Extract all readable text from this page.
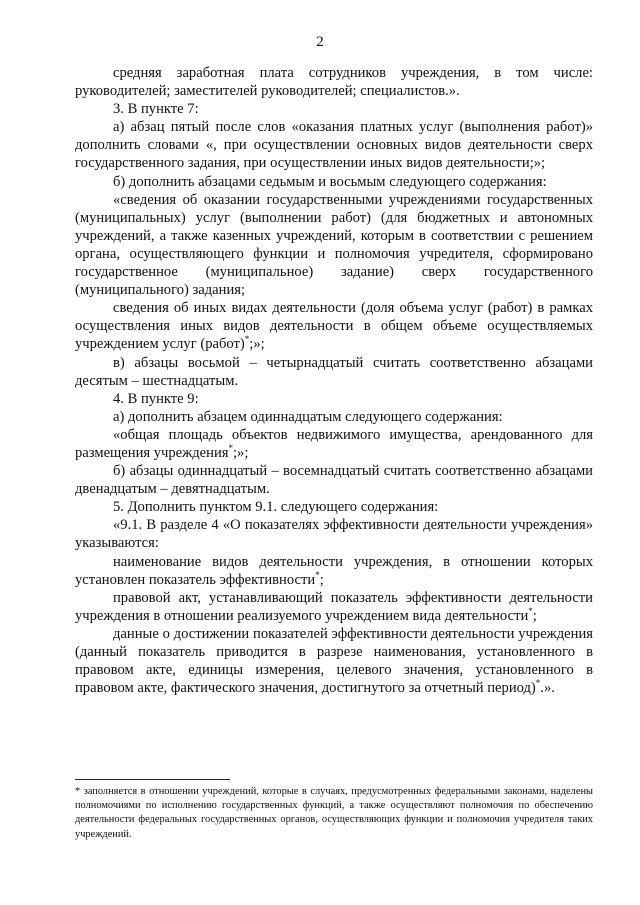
2

средняя заработная плата сотрудников учреждения, в том числе: руководителей; заместителей руководителей; специалистов.».

3. В пункте 7:

а) абзац пятый после слов «оказания платных услуг (выполнения работ)» дополнить словами «, при осуществлении основных видов деятельности сверх государственного задания, при осуществлении иных видов деятельности;»;

б) дополнить абзацами седьмым и восьмым следующего содержания:

«сведения об оказании государственными учреждениями государственных (муниципальных) услуг (выполнении работ) (для бюджетных и автономных учреждений, а также казенных учреждений, которым в соответствии с решением органа, осуществляющего функции и полномочия учредителя, сформировано государственное (муниципальное) задание) сверх государственного (муниципального) задания;

сведения об иных видах деятельности (доля объема услуг (работ) в рамках осуществления иных видов деятельности в общем объеме осуществляемых учреждением услуг (работ)*;»;

в) абзацы восьмой – четырнадцатый считать соответственно абзацами десятым – шестнадцатым.

4. В пункте 9:

а) дополнить абзацем одиннадцатым следующего содержания:

«общая площадь объектов недвижимого имущества, арендованного для размещения учреждения*;»;

б) абзацы одиннадцатый – восемнадцатый считать соответственно абзацами двенадцатым – девятнадцатым.

5. Дополнить пунктом 9.1. следующего содержания:

«9.1. В разделе 4 «О показателях эффективности деятельности учреждения» указываются:

наименование видов деятельности учреждения, в отношении которых установлен показатель эффективности*;

правовой акт, устанавливающий показатель эффективности деятельности учреждения в отношении реализуемого учреждением вида деятельности*;

данные о достижении показателей эффективности деятельности учреждения (данный показатель приводится в разрезе наименования, установленного в правовом акте, единицы измерения, целевого значения, установленного в правовом акте, фактического значения, достигнутого за отчетный период)*.».

* заполняется в отношении учреждений, которые в случаях, предусмотренных федеральными законами, наделены полномочиями по исполнению государственных функций, а также осуществляют полномочия по обеспечению деятельности федеральных государственных органов, осуществляющих функции и полномочия учредителя таких учреждений.
